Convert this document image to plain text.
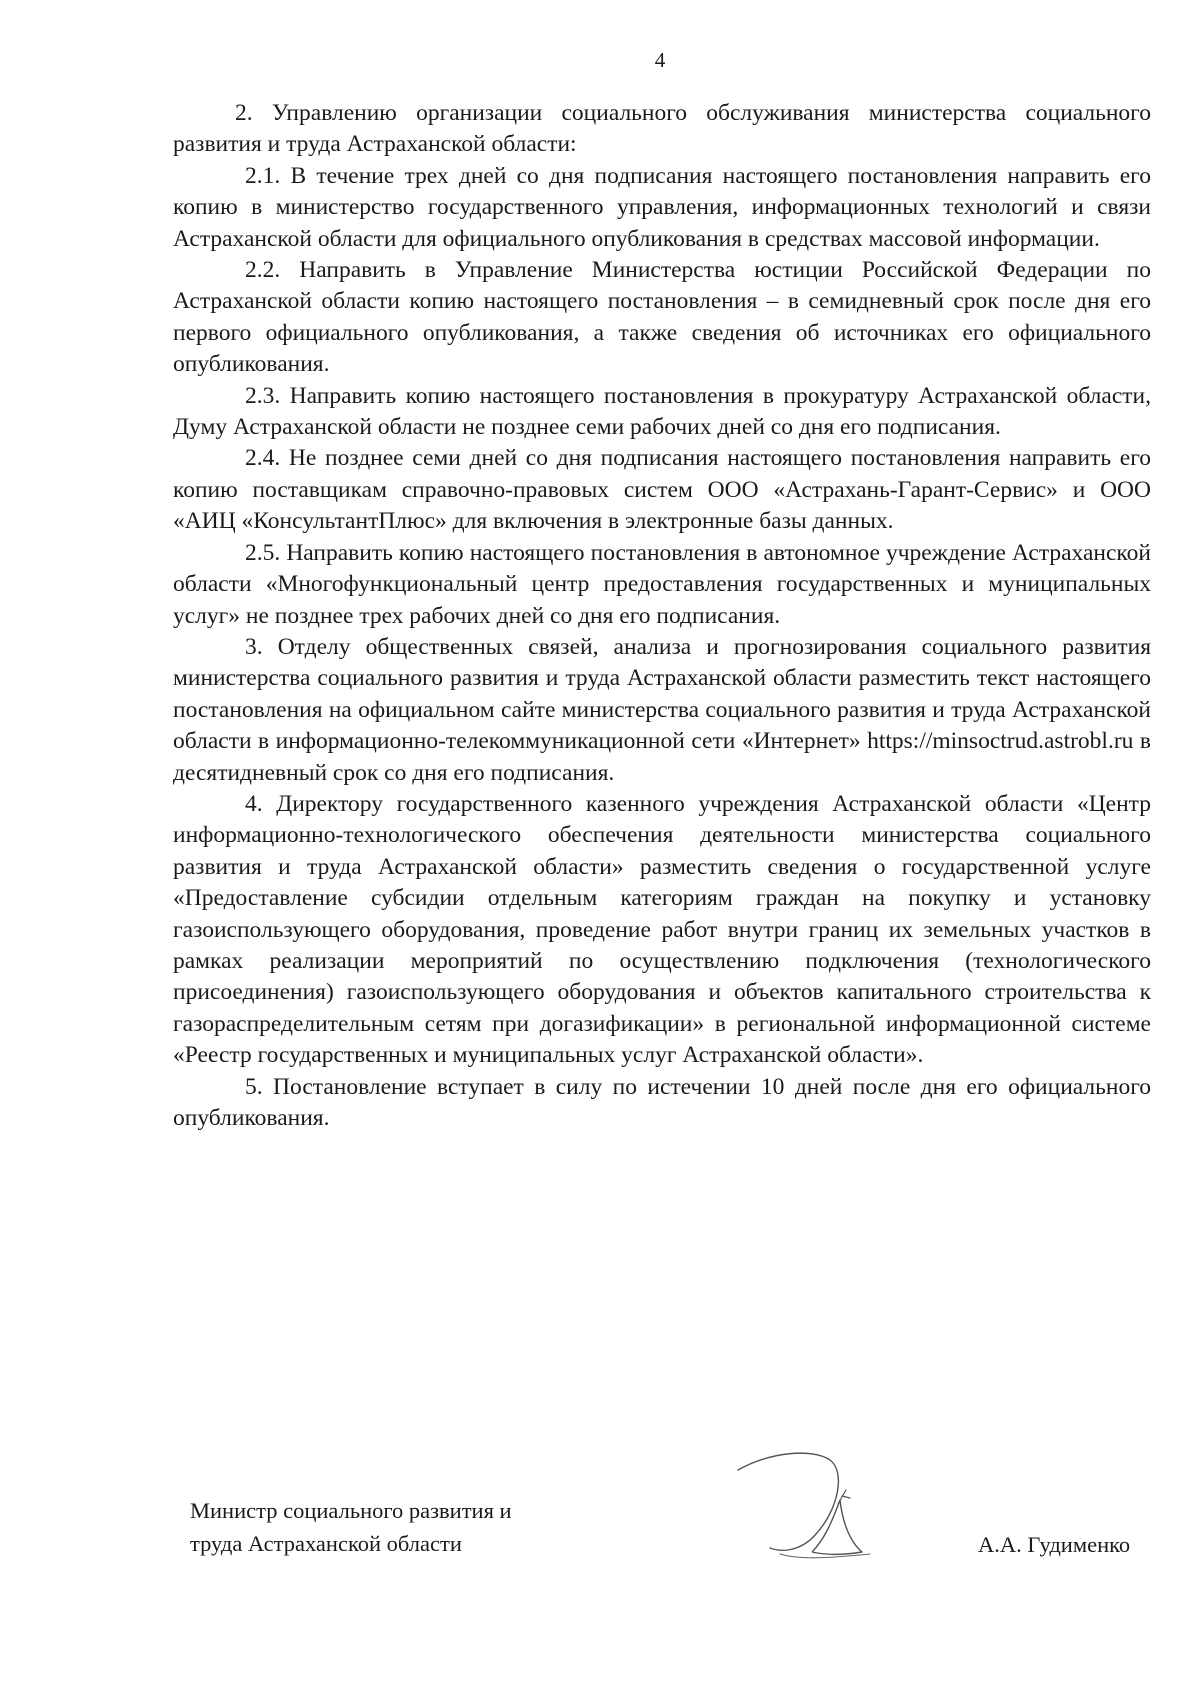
4

2. Управлению организации социального обслуживания министерства социального развития и труда Астраханской области:

2.1. В течение трех дней со дня подписания настоящего постановления направить его копию в министерство государственного управления, информационных технологий и связи Астраханской области для официального опубликования в средствах массовой информации.

2.2. Направить в Управление Министерства юстиции Российской Федерации по Астраханской области копию настоящего постановления – в семидневный срок после дня его первого официального опубликования, а также сведения об источниках его официального опубликования.

2.3. Направить копию настоящего постановления в прокуратуру Астраханской области, Думу Астраханской области не позднее семи рабочих дней со дня его подписания.

2.4. Не позднее семи дней со дня подписания настоящего постановления направить его копию поставщикам справочно-правовых систем ООО «Астрахань-Гарант-Сервис» и ООО «АИЦ «КонсультантПлюс» для включения в электронные базы данных.

2.5. Направить копию настоящего постановления в автономное учреждение Астраханской области «Многофункциональный центр предоставления государственных и муниципальных услуг» не позднее трех рабочих дней со дня его подписания.

3. Отделу общественных связей, анализа и прогнозирования социального развития министерства социального развития и труда Астраханской области разместить текст настоящего постановления на официальном сайте министерства социального развития и труда Астраханской области в информационно-телекоммуникационной сети «Интернет» https://minsoctrud.astrobl.ru в десятидневный срок со дня его подписания.

4. Директору государственного казенного учреждения Астраханской области «Центр информационно-технологического обеспечения деятельности министерства социального развития и труда Астраханской области» разместить сведения о государственной услуге «Предоставление субсидии отдельным категориям граждан на покупку и установку газоиспользующего оборудования, проведение работ внутри границ их земельных участков в рамках реализации мероприятий по осуществлению подключения (технологического присоединения) газоиспользующего оборудования и объектов капитального строительства к газораспределительным сетям при догазификации» в региональной информационной системе «Реестр государственных и муниципальных услуг Астраханской области».

5. Постановление вступает в силу по истечении 10 дней после дня его официального опубликования.

Министр социального развития и
труда Астраханской области	А.А. Гудименко
